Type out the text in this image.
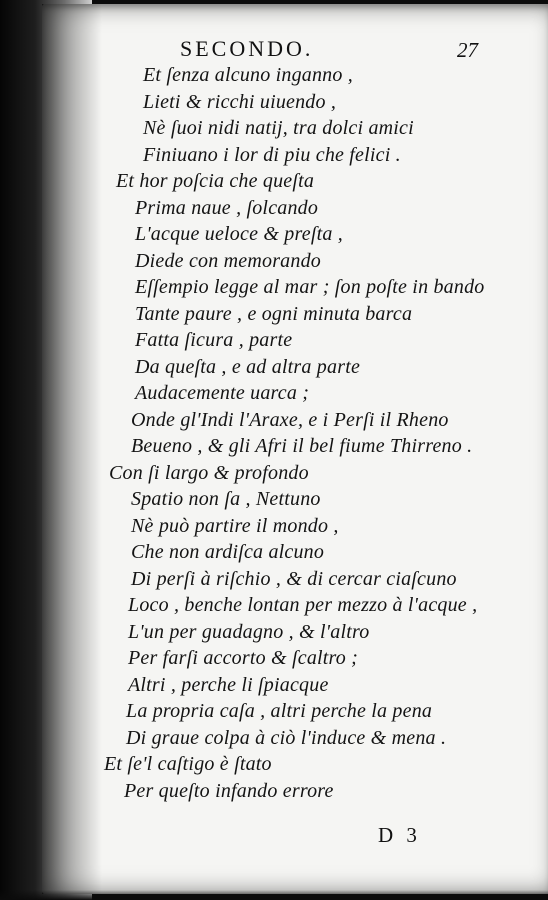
SECONDO.	27
Et ſenza alcuno inganno ,
Lieti & ricchi uiuendo ,
Nè ſuoi nidi natij, tra dolci amici
Finiuano i lor di piu che felici .
Et hor poſcia che queſta
Prima naue , ſolcando
L'acque ueloce & preſta ,
Diede con memorando
Eſſempio legge al mar ; ſon poſte in bando
Tante paure , e ogni minuta barca
Fatta ſicura , parte
Da queſta , e ad altra parte
Audacemente uarca ;
Onde gl'Indi l'Araxe, e i Perſi il Rheno
Beueno , & gli Afri il bel fiume Thirreno .
Con ſi largo & profondo
Spatio non ſa , Nettuno
Nè può partire il mondo ,
Che non ardiſca alcuno
Di perſi à riſchio , & di cercar ciaſcuno
Loco , benche lontan per mezzo à l'acque ,
L'un per guadagno , & l'altro
Per farſi accorto & ſcaltro ;
Altri , perche li ſpiacque
La propria caſa , altri perche la pena
Di graue colpa à ciò l'induce & mena .
Et ſe'l caſtigo è ſtato
Per queſto infando errore
D 3
